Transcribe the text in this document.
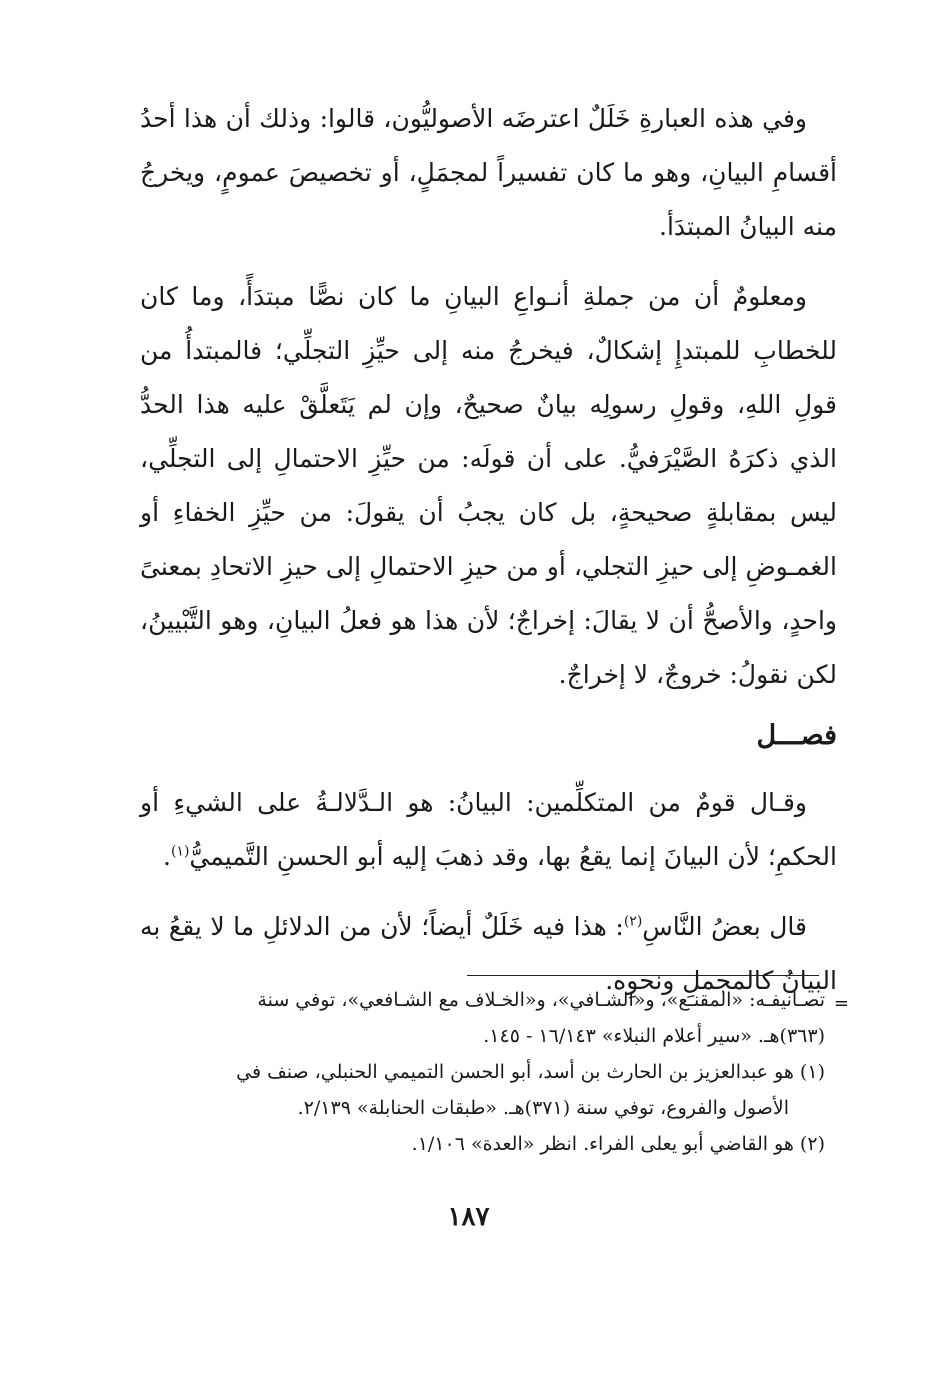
وفي هذه العبارةِ خَلَلٌ اعترضَه الأصوليُّون، قالوا: وذلك أن هذا أحدُ أقسامِ البيانِ، وهو ما كان تفسيراً لمجمَلٍ، أو تخصيصَ عمومٍ، ويخرجُ منه البيانُ المبتدَأ.

ومعلومٌ أن من جملةِ أنـواعِ البيانِ ما كان نصًّا مبتدَأً، وما كان للخطابِ للمبتدإِ إشكالٌ، فيخرجُ منه إلى حيِّزِ التجلِّي؛ فالمبتدأُ من قولِ اللهِ، وقولِ رسولِه بيانٌ صحيحٌ، وإن لم يَتَعلَّقْ عليه هذا الحدُّ الذي ذكرَهُ الصَّيْرَفيُّ. على أن قولَه: من حيِّزِ الاحتمالِ إلى التجلِّي، ليس بمقابلةٍ صحيحةٍ، بل كان يجبُ أن يقولَ: من حيِّزِ الخفاءِ أو الغمـوضِ إلى حيزِ التجلي، أو من حيزِ الاحتمالِ إلى حيزِ الاتحادِ بمعنىً واحدٍ، والأصحُّ أن لا يقالَ: إخراجٌ؛ لأن هذا هو فعلُ البيانِ، وهو التَّبْيينُ، لكن نقولُ: خروجٌ، لا إخراجٌ.

فصـــل

وقـال قومٌ من المتكلِّمين: البيانُ: هو الـدَّلالـةُ على الشيءِ أو الحكمِ؛ لأن البيانَ إنما يقعُ بها، وقد ذهبَ إليه أبو الحسنِ التَّميميُّ$^{(١)}$.

قال بعضُ النَّاسِ$^{(٢)}$: هذا فيه خَلَلٌ أيضاً؛ لأن من الدلائلِ ما لا يقعُ به البيانُ كالمجملِ ونحوِه.

=
تصـانيفـه: «المقنـع»، و«الشـافي»، و«الخـلاف مع الشـافعي»، توفي سنة
(٣٦٣)هـ. «سير أعلام النبلاء» ١٦/١٤٣ - ١٤٥.
(١) هو عبدالعزيز بن الحارث بن أسد، أبو الحسن التميمي الحنبلي، صنف في
الأصول والفروع، توفي سنة (٣٧١)هـ. «طبقات الحنابلة» ٢/١٣٩.
(٢) هو القاضي أبو يعلى الفراء. انظر «العدة» ١/١٠٦.
١٨٧
